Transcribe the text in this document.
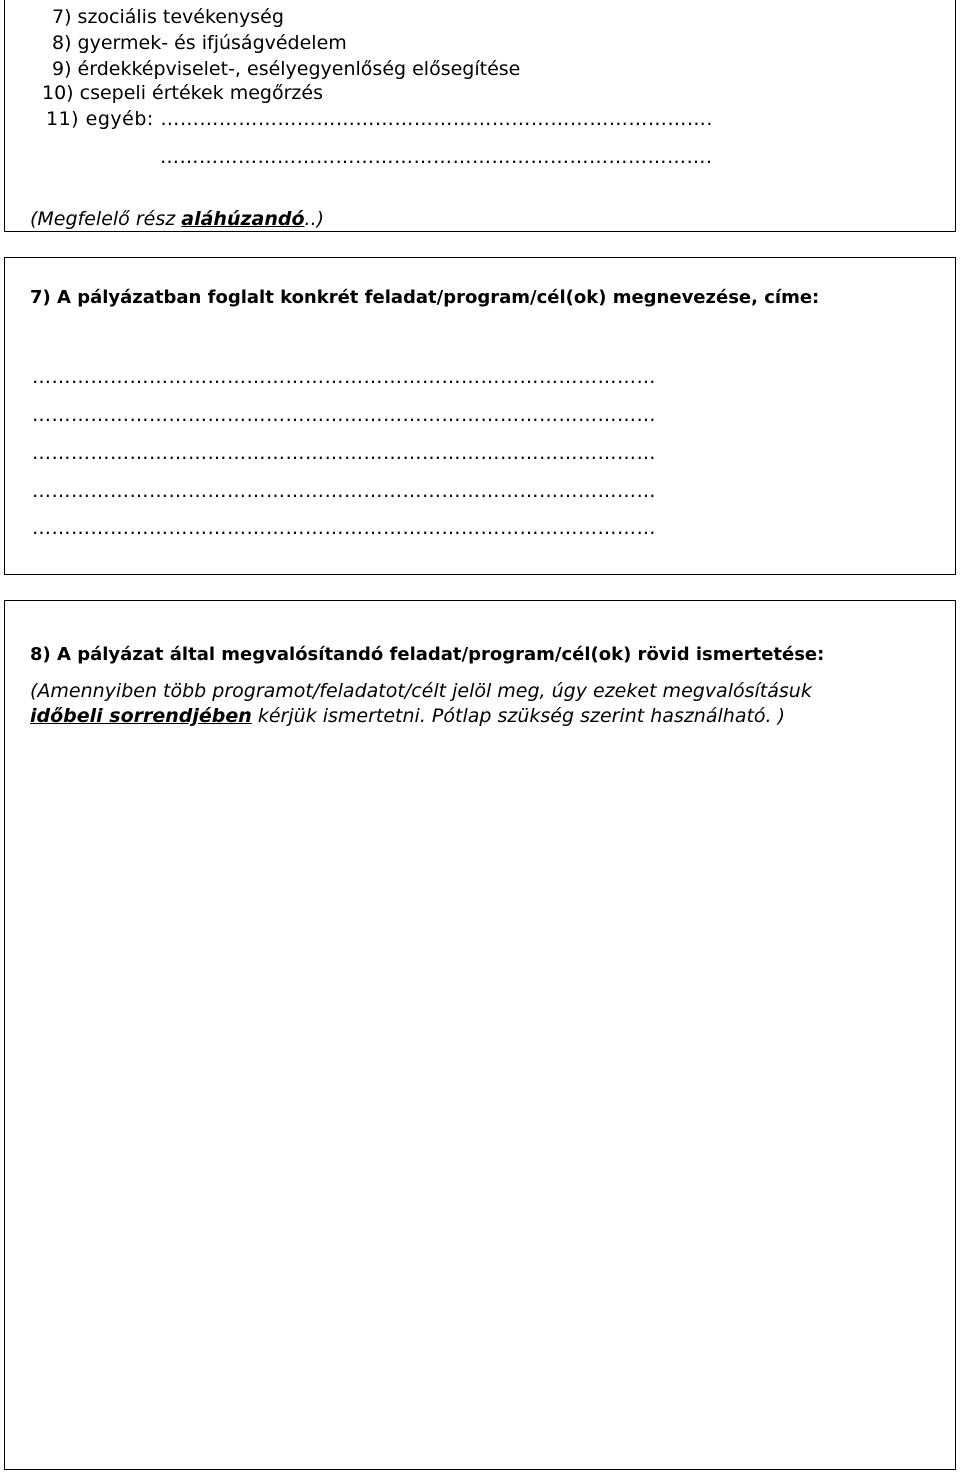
7) szociális tevékenység
8) gyermek- és ifjúságvédelem
9) érdekképviselet-, esélyegyenlőség elősegítése
10) csepeli értékek megőrzés
11) egyéb: ………………………………………………………………………….
………………………………………………………………………….
(Megfelelő rész aláhúzandó..)
7) A pályázatban foglalt konkrét feladat/program/cél(ok) megnevezése, címe:
……………………………………………………………………………………
……………………………………………………………………………………
……………………………………………………………………………………
……………………………………………………………………………………
……………………………………………………………………………………
8) A pályázat által megvalósítandó feladat/program/cél(ok) rövid ismertetése:
(Amennyiben több programot/feladatot/célt jelöl meg, úgy ezeket megvalósításuk
időbeli sorrendjében kérjük ismertetni. Pótlap szükség szerint használható. )
